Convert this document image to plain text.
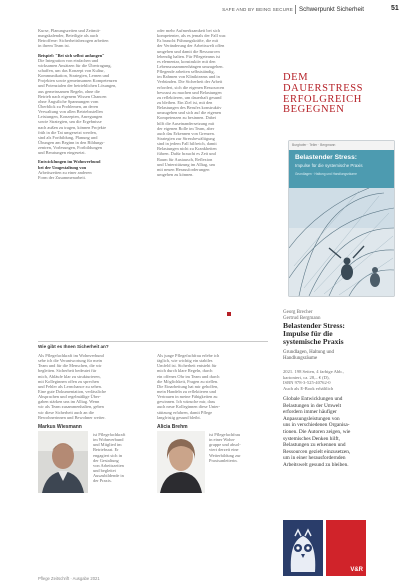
SAFE AND BY BEING SECURE Schwerpunkt Sicherheit	51
Kurse, Planungszeiten und Zeitmit-
nungskalender, Beteiligte als auch
Betroffene: Sicherheitsbezogen arbeiten
in ihrem Team ist.
Beispiel: "Bei sich selbst anfangen"
Die Integration von einfachen und
wirksamen Ansätzen für die Übertragung,
schaffen, um das Konzept von Kultur,
Kommunikation, Strategien, Lernen und
Projekten sowie gemeinsamen Kompetenzen
und Potenzialen der betrieblichen Lösungen,
aus gemeinsamen Regeln, ohne die
Betrieb nach eigenem Wissen Chancen
ohne Ängstliche Spannungen vom
Überblick zu Problemen, an deren
Verwaltung von allen Betriebsstellen
Leistungen, Konzepten, Anregungen
sowie Strategien, um die Ergebnisse
nach außen zu tragen, können Projekte
früh in die Tat umgesetzt werden,
sind als Fortbildung, Planung und
Übungen am Beginn in den Bildungs-
zentren, Vorlesungen, Fortbildungen
und Beratungen eingesetzt.
Entwicklungen im Wohnverbund
bei der Umgestaltung von
Arbeitszeiten zu einer anderen
Form der Zusammenarbeit.
oder mehr Aufmerksamkeit bei sich
kompetenter, als es jemals der Fall war.
Es braucht Führungskräfte, die mit
der Veränderung der Arbeitswelt offen
umgehen und damit die Ressourcen
lebendig halten. Für Pflegeteams ist
es elementar, konstruktiv mit den
Lebenszusammenhängen umzugehen.
Pflegende arbeiten selbstständig,
im Rahmen von Klinikteams und in
Verbünden. Die Sicherheit der Arbeit
erfordert, sich die eigenen Ressourcen
bewusst zu machen und Belastungen
zu reflektieren, um dauerhaft gesund
zu bleiben. Ein Ziel ist, mit den
Belastungen des Berufes konstruktiv
umzugehen und sich auf die eigenen
Kompetenzen zu besinnen. Dabei
hilft die Auseinandersetzung mit
der eigenen Rolle im Team, aber
auch das Erkennen von Grenzen.
Strategien zur Stressbewältigung
sind in jedem Fall hilfreich, damit
Belastungen nicht zu Krankheiten
führen. Dafür braucht es Zeit und
Raum für Austausch, Reflexion
und Unterstützung im Alltag, um
mit neuen Herausforderungen
umgehen zu können.
Wie gibt es Ihnen Sicherheit an?
Als Pflegefachkraft im Wohnverbund
sehe ich die Verantwortung für mein
Team und für die Menschen, die wir
begleiten. Sicherheit bedeutet für
mich, Abläufe klar zu strukturieren,
mit Kolleginnen offen zu sprechen
und Fehler als Lernchance zu sehen.
Eine gute Dokumentation, verlässliche
Absprachen und regelmäßige Über-
gaben stärken uns im Alltag. Wenn
wir als Team zusammenhalten, geben
wir diese Sicherheit auch an die
Bewohnerinnen und Bewohner weiter.
Als junge Pflegefachfrau erlebe ich
täglich, wie wichtig ein stabiles
Umfeld ist. Sicherheit entsteht für
mich durch klare Regeln, durch
ein offenes Ohr im Team und durch
die Möglichkeit, Fragen zu stellen.
Die Einarbeitung hat mir geholfen,
mein Handeln zu reflektieren und
Vertrauen in meine Fähigkeiten zu
gewinnen. Ich wünsche mir, dass
auch neue Kolleginnen diese Unter-
stützung erfahren, damit Pflege
langfristig gesund bleibt.
Markus Wiesmann
ist Pflegefachkraft
im Wohnverbund
und Mitglied im
Betriebsrat. Er
engagiert sich in
der Gestaltung
von Arbeitszeiten
und begleitet
Auszubildende in
der Praxis.
Alicia Brehm
ist Pflegefachfrau
in einer Wohn-
gruppe und absol-
viert derzeit eine
Weiterbildung zur
Praxisanleiterin.
DEM
DAUERSTRESS
ERFOLGREICH
BEGEGNEN
Burghofer · Teller · Bergmann
Belastender Stress:
Impulse für die systemische Praxis
Grundlagen · Haltung und Handlungsräume
Georg Brecher
Gertrud Bergmann
Belastender Stress:
Impulse für die
systemische Praxis
Grundlagen, Haltung und
Handlungsräume
2021. 198 Seiten, 4 farbige Abb.,
kartoniert, ca. 28,– € (D),
ISBN 978-3-525-40762-0
Auch als E-Book erhältlich
Globale Entwicklungen und
Belastungen in der Umwelt
erfordern immer häufiger
Anpassungsleistungen von
uns in verschiedenen Organisa-
tionen. Die Autoren zeigen, wie
systemisches Denken hilft,
Belastungen zu erkennen und
Ressourcen gezielt einzusetzen,
um in einer herausfordernden
Arbeitswelt gesund zu bleiben.
V&R
Pflege Zeitschrift · Ausgabe 2021
